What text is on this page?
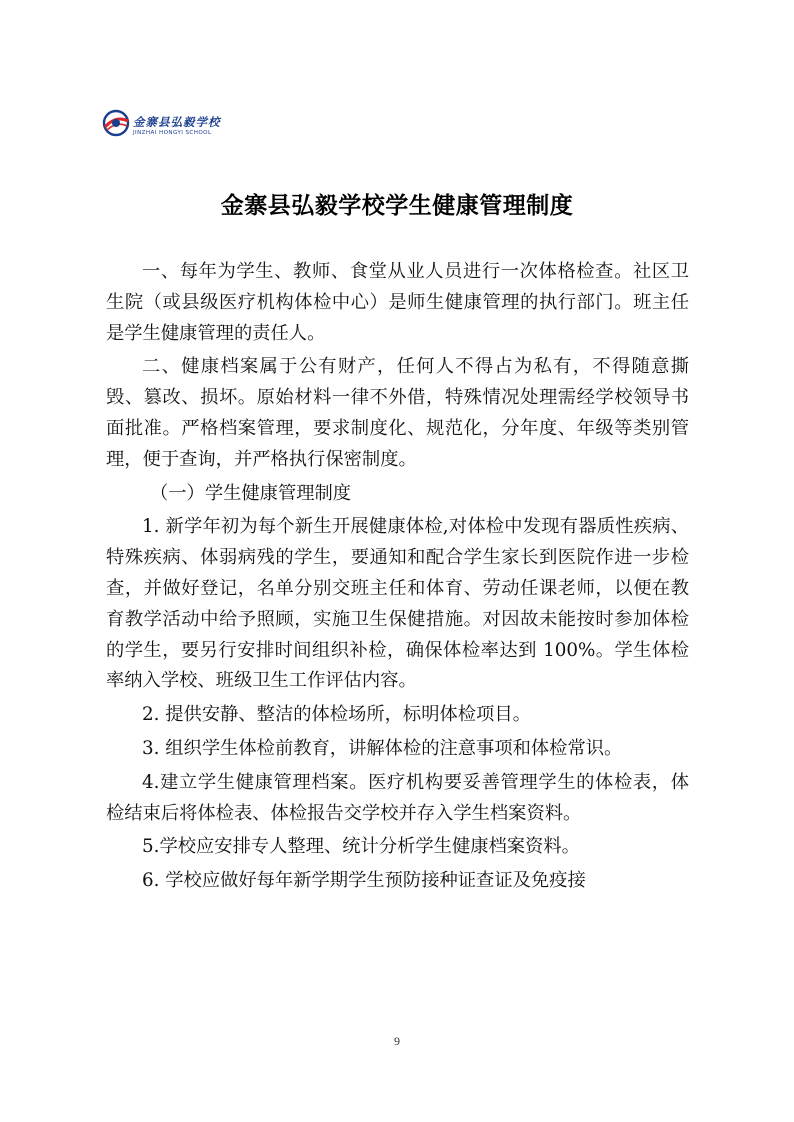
金寨县弘毅学校
JINZHAI HONGYI SCHOOL
金寨县弘毅学校学生健康管理制度

一、每年为学生、教师、食堂从业人员进行一次体格检查。社区卫生院（或县级医疗机构体检中心）是师生健康管理的执行部门。班主任是学生健康管理的责任人。

二、健康档案属于公有财产，任何人不得占为私有，不得随意撕毁、篡改、损坏。原始材料一律不外借，特殊情况处理需经学校领导书面批准。严格档案管理，要求制度化、规范化，分年度、年级等类别管理，便于查询，并严格执行保密制度。

（一）学生健康管理制度

1. 新学年初为每个新生开展健康体检,对体检中发现有器质性疾病、特殊疾病、体弱病残的学生，要通知和配合学生家长到医院作进一步检查，并做好登记，名单分别交班主任和体育、劳动任课老师，以便在教育教学活动中给予照顾，实施卫生保健措施。对因故未能按时参加体检的学生，要另行安排时间组织补检，确保体检率达到 100%。学生体检率纳入学校、班级卫生工作评估内容。

2. 提供安静、整洁的体检场所，标明体检项目。

3. 组织学生体检前教育，讲解体检的注意事项和体检常识。

4.建立学生健康管理档案。医疗机构要妥善管理学生的体检表，体检结束后将体检表、体检报告交学校并存入学生档案资料。

5.学校应安排专人整理、统计分析学生健康档案资料。

6. 学校应做好每年新学期学生预防接种证查证及免疫接

9
